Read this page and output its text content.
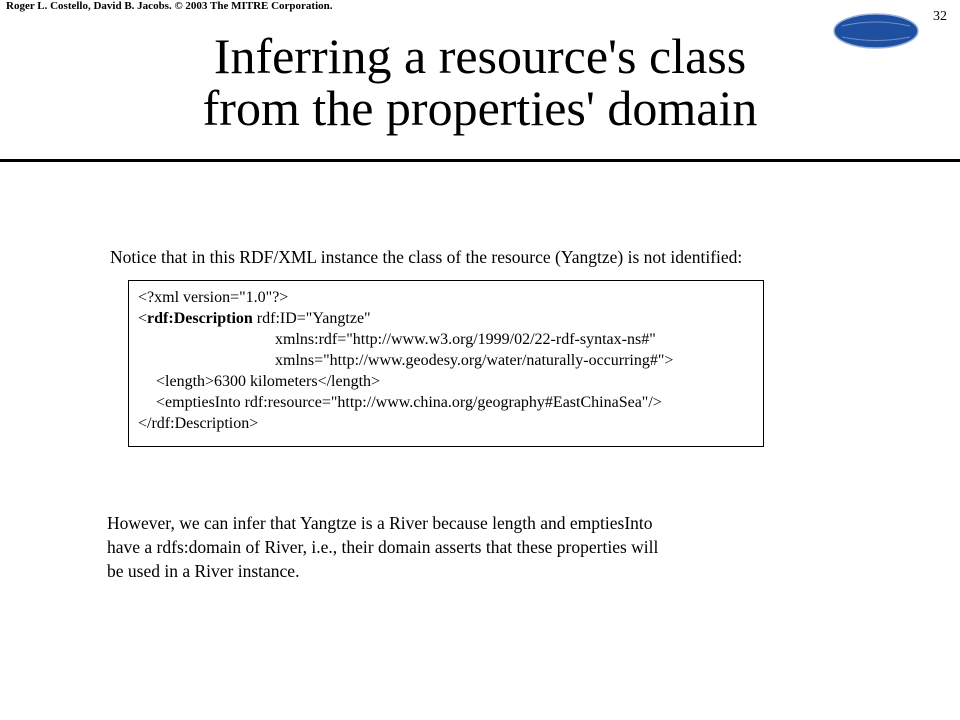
Roger L. Costello, David B. Jacobs. © 2003 The MITRE Corporation.
32
Inferring a resource's class
from the properties' domain
Notice that in this RDF/XML instance the class of the resource (Yangtze) is not identified:
<?xml version="1.0"?>
<rdf:Description rdf:ID="Yangtze"
xmlns:rdf="http://www.w3.org/1999/02/22-rdf-syntax-ns#"
xmlns="http://www.geodesy.org/water/naturally-occurring#">
<length>6300 kilometers</length>
<emptiesInto rdf:resource="http://www.china.org/geography#EastChinaSea"/>
</rdf:Description>
However, we can infer that Yangtze is a River because length and emptiesInto
have a rdfs:domain of River, i.e., their domain asserts that these properties will
be used in a River instance.
